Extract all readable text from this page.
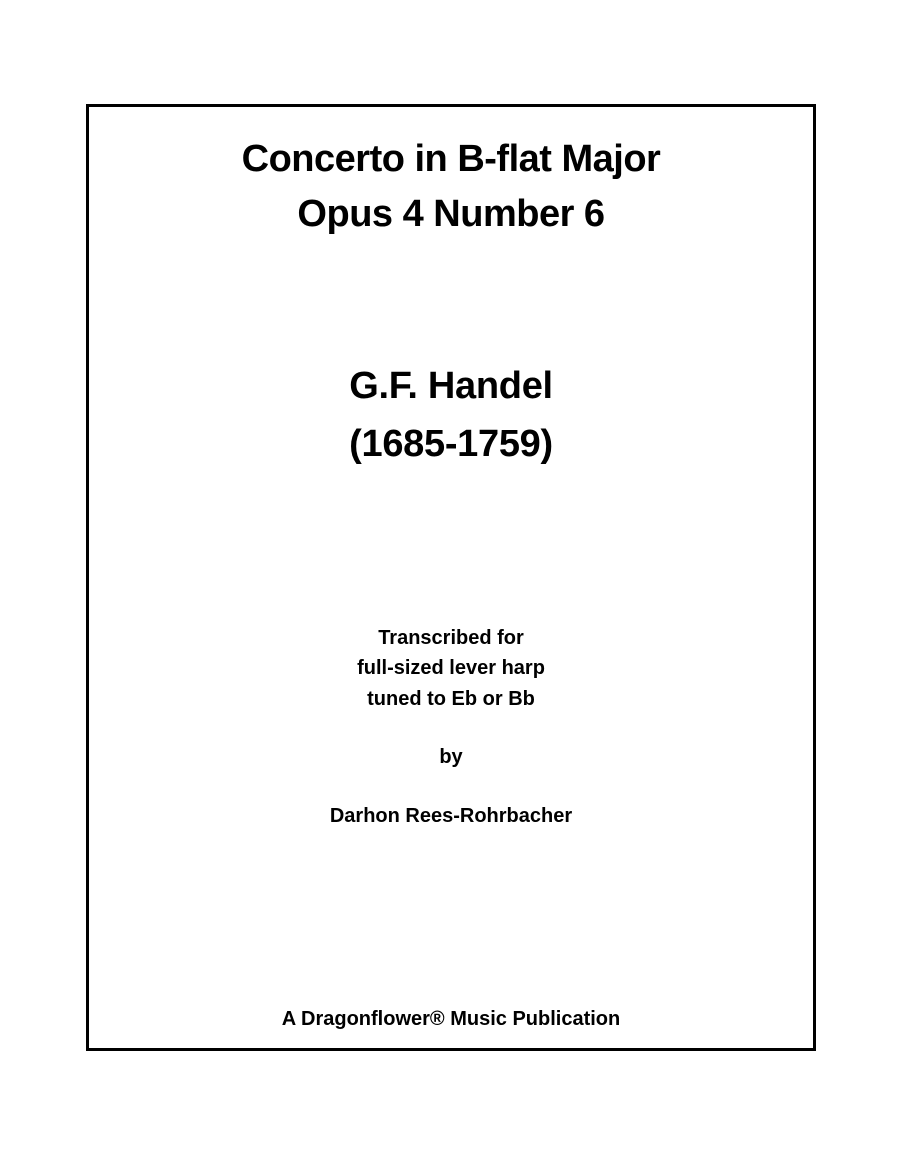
Concerto in B-flat Major
Opus 4 Number 6
G.F. Handel
(1685-1759)
Transcribed for
full-sized lever harp
tuned to Eb or Bb
by
Darhon Rees-Rohrbacher
A Dragonflower® Music Publication
